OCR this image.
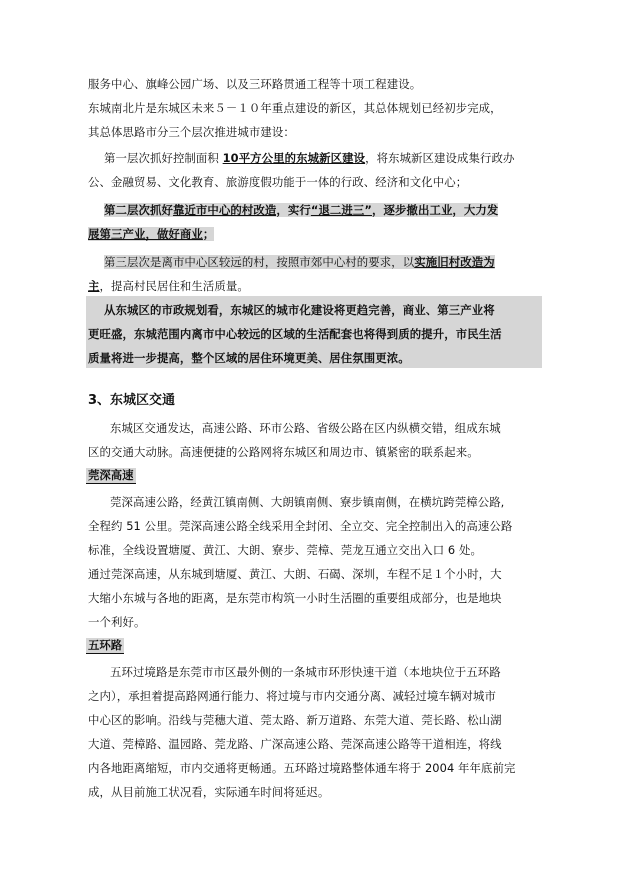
服务中心、旗峰公园广场、以及三环路贯通工程等十项工程建设。
东城南北片是东城区未来５－１０年重点建设的新区，其总体规划已经初步完成，
其总体思路市分三个层次推进城市建设：
第一层次抓好控制面积 10平方公里的东城新区建设，将东城新区建设成集行政办
公、金融贸易、文化教育、旅游度假功能于一体的行政、经济和文化中心；
第二层次抓好靠近市中心的村改造，实行“退二进三”，逐步撤出工业，大力发
展第三产业，做好商业；
第三层次是离市中心区较远的村，按照市郊中心村的要求，以实施旧村改造为
主，提高村民居住和生活质量。
从东城区的市政规划看，东城区的城市化建设将更趋完善，商业、第三产业将
更旺盛，东城范围内离市中心较远的区域的生活配套也将得到质的提升，市民生活
质量将进一步提高，整个区域的居住环境更美、居住氛围更浓。
3、东城区交通
东城区交通发达，高速公路、环市公路、省级公路在区内纵横交错，组成东城
区的交通大动脉。高速便捷的公路网将东城区和周边市、镇紧密的联系起来。
莞深高速
莞深高速公路，经黄江镇南侧、大朗镇南侧、寮步镇南侧，在横坑跨莞樟公路,
全程约 51 公里。莞深高速公路全线采用全封闭、全立交、完全控制出入的高速公路
标准，全线设置塘厦、黄江、大朗、寮步、莞樟、莞龙互通立交出入口 6 处。
通过莞深高速，从东城到塘厦、黄江、大朗、石碣、深圳，车程不足１个小时，大
大缩小东城与各地的距离，是东莞市构筑一小时生活圈的重要组成部分，也是地块
一个利好。
五环路
五环过境路是东莞市市区最外侧的一条城市环形快速干道（本地块位于五环路
之内），承担着提高路网通行能力、将过境与市内交通分离、减轻过境车辆对城市
中心区的影响。沿线与莞穗大道、莞太路、新万道路、东莞大道、莞长路、松山湖
大道、莞樟路、温园路、莞龙路、广深高速公路、莞深高速公路等干道相连，将线
内各地距离缩短，市内交通将更畅通。五环路过境路整体通车将于 2004 年年底前完
成，从目前施工状况看，实际通车时间将延迟。
